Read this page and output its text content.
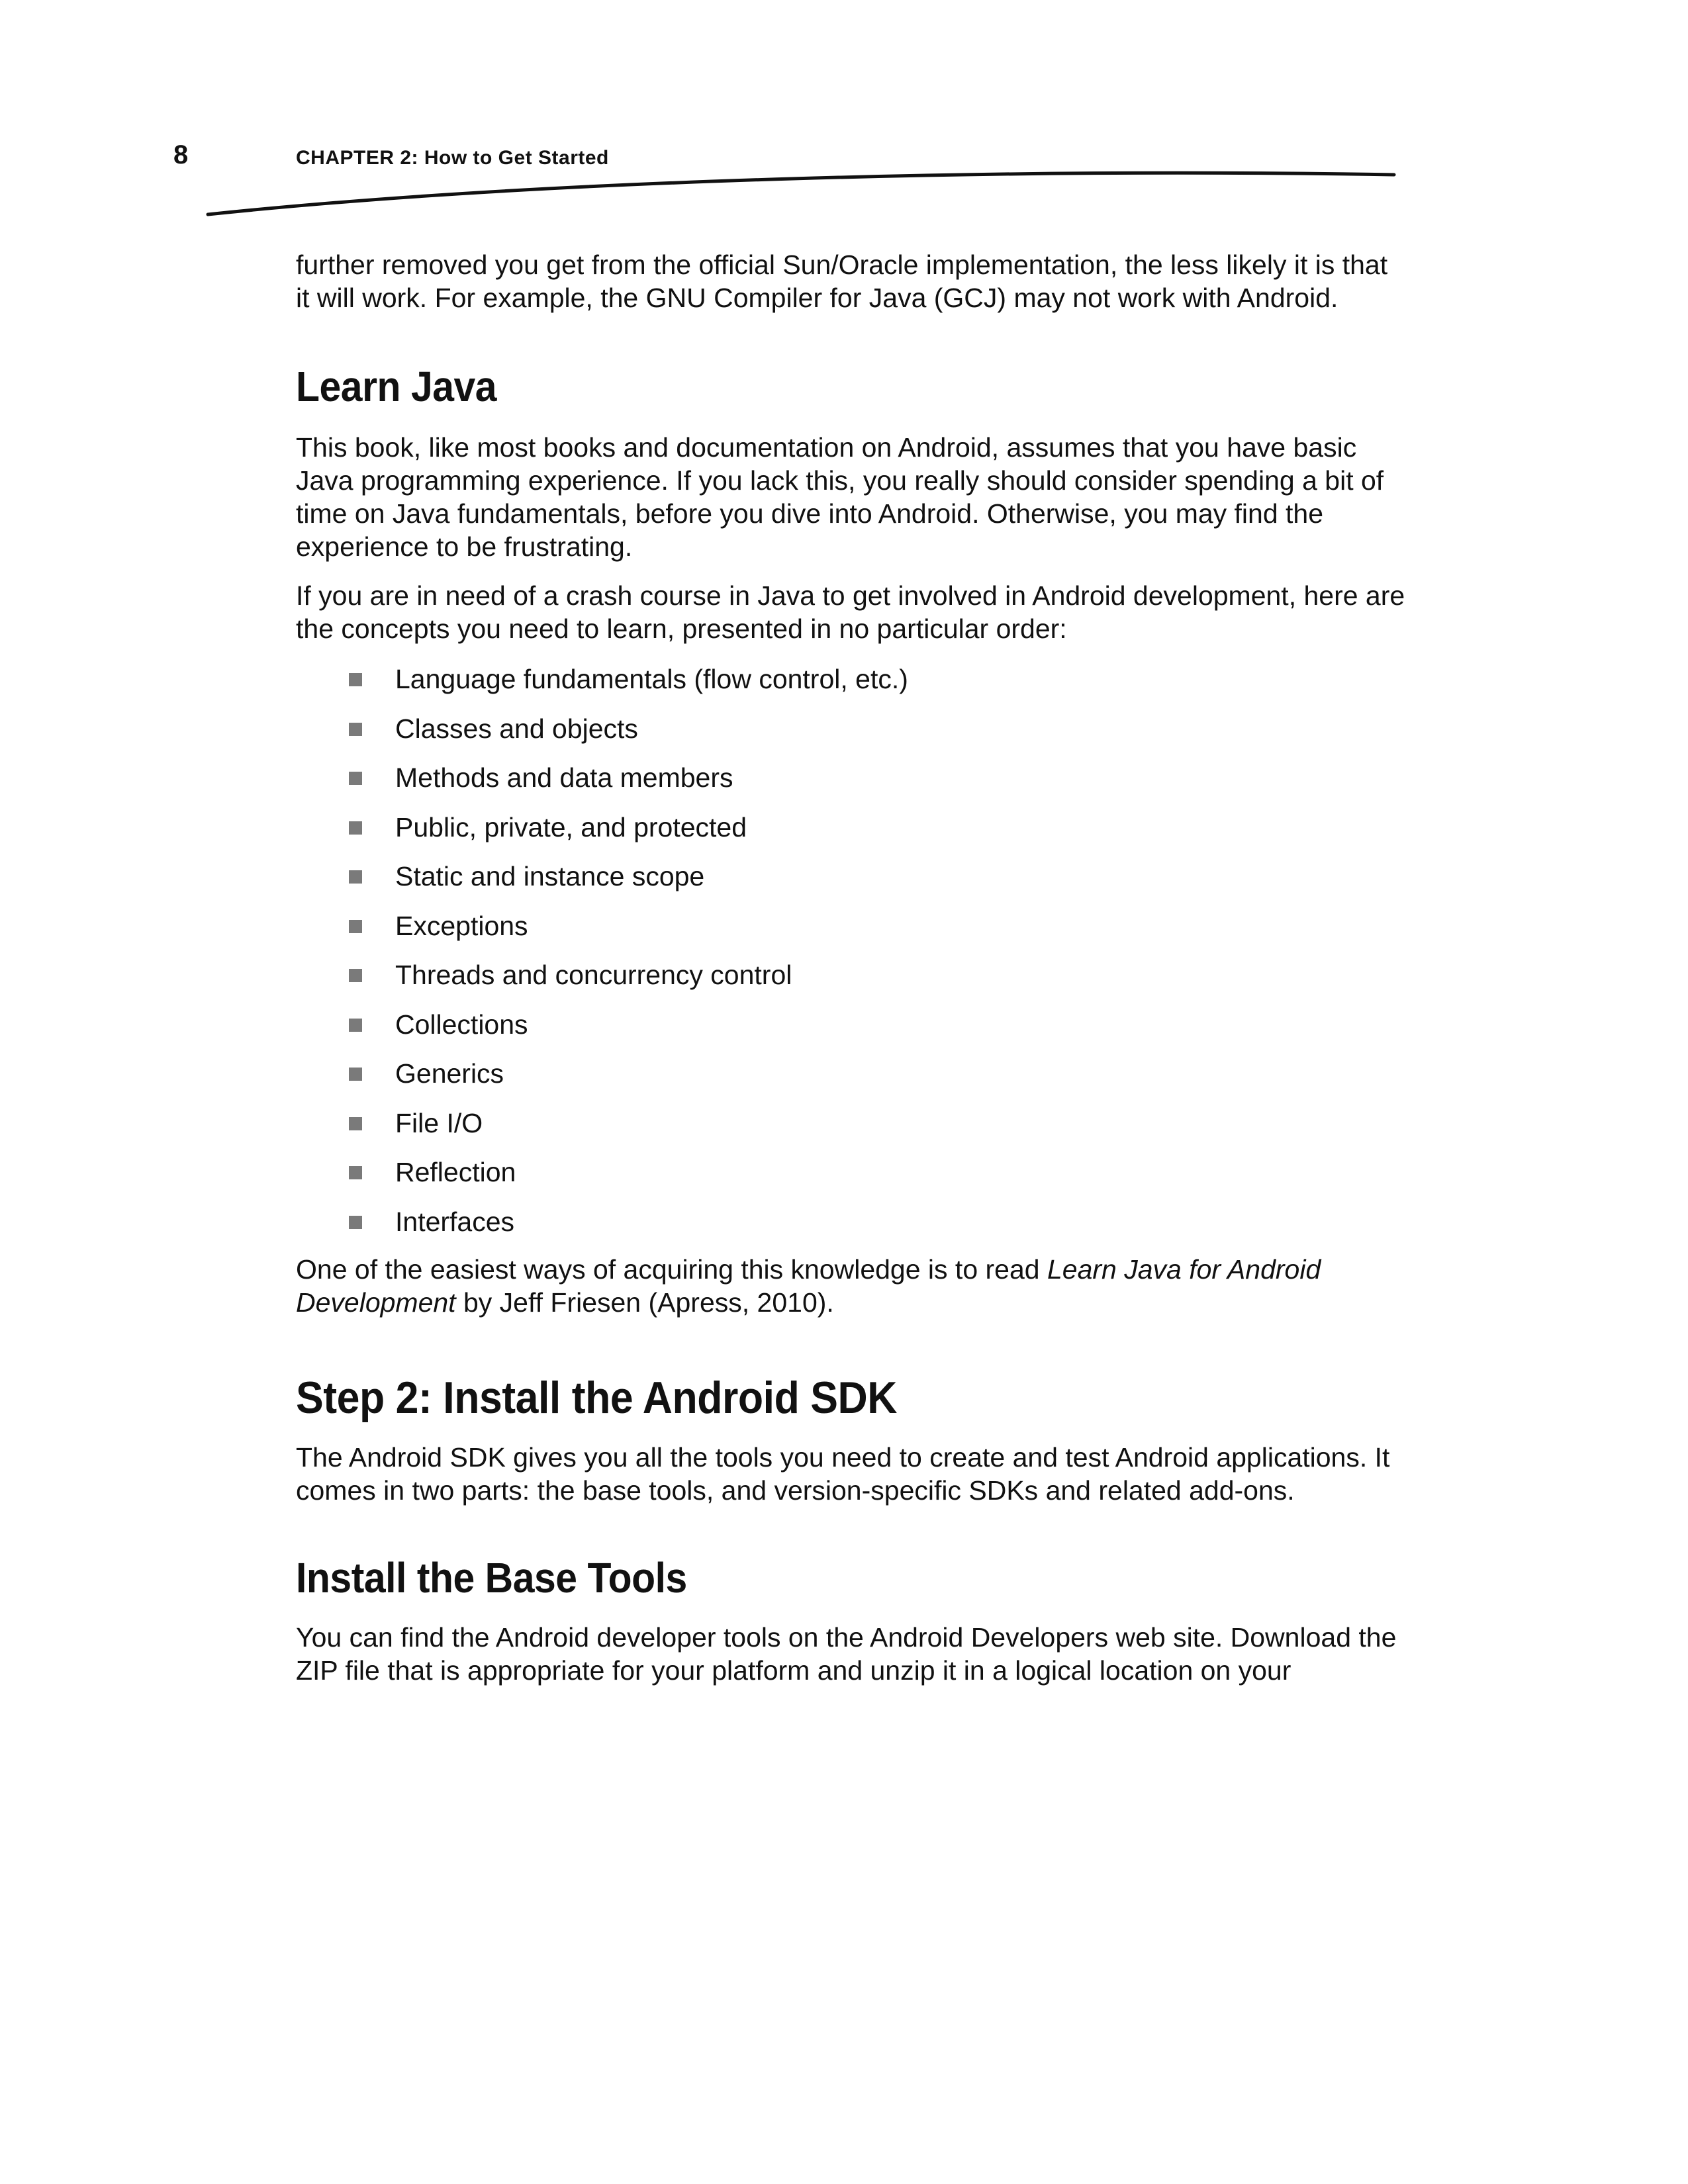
8	CHAPTER 2: How to Get Started

further removed you get from the official Sun/Oracle implementation, the less likely it is that it will work. For example, the GNU Compiler for Java (GCJ) may not work with Android.

Learn Java

This book, like most books and documentation on Android, assumes that you have basic Java programming experience. If you lack this, you really should consider spending a bit of time on Java fundamentals, before you dive into Android. Otherwise, you may find the experience to be frustrating.

If you are in need of a crash course in Java to get involved in Android development, here are the concepts you need to learn, presented in no particular order:

Language fundamentals (flow control, etc.)
Classes and objects
Methods and data members
Public, private, and protected
Static and instance scope
Exceptions
Threads and concurrency control
Collections
Generics
File I/O
Reflection
Interfaces

One of the easiest ways of acquiring this knowledge is to read Learn Java for Android Development by Jeff Friesen (Apress, 2010).

Step 2: Install the Android SDK

The Android SDK gives you all the tools you need to create and test Android applications. It comes in two parts: the base tools, and version-specific SDKs and related add-ons.

Install the Base Tools

You can find the Android developer tools on the Android Developers web site. Download the ZIP file that is appropriate for your platform and unzip it in a logical location on your
